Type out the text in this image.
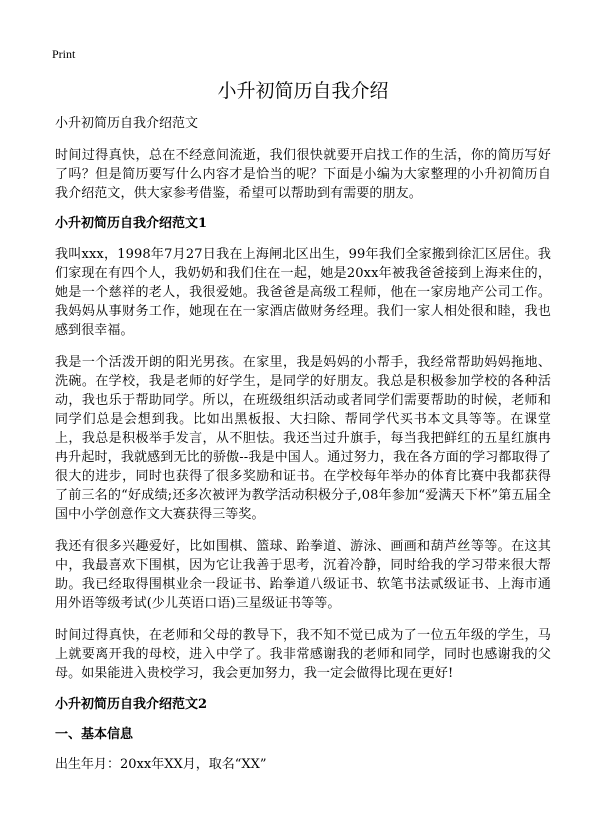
Print
小升初简历自我介绍
小升初简历自我介绍范文

时间过得真快，总在不经意间流逝，我们很快就要开启找工作的生活，你的简历写好了吗？但是简历要写什么内容才是恰当的呢？下面是小编为大家整理的小升初简历自我介绍范文，供大家参考借鉴，希望可以帮助到有需要的朋友。

小升初简历自我介绍范文1

我叫xxx，1998年7月27日我在上海闸北区出生，99年我们全家搬到徐汇区居住。我们家现在有四个人，我奶奶和我们住在一起，她是20xx年被我爸爸接到上海来住的，她是一个慈祥的老人，我很爱她。我爸爸是高级工程师，他在一家房地产公司工作。我妈妈从事财务工作，她现在在一家酒店做财务经理。我们一家人相处很和睦，我也感到很幸福。

我是一个活泼开朗的阳光男孩。在家里，我是妈妈的小帮手，我经常帮助妈妈拖地、洗碗。在学校，我是老师的好学生，是同学的好朋友。我总是积极参加学校的各种活动，我也乐于帮助同学。所以，在班级组织活动或者同学们需要帮助的时候，老师和同学们总是会想到我。比如出黑板报、大扫除、帮同学代买书本文具等等。在课堂上，我总是积极举手发言，从不胆怯。我还当过升旗手，每当我把鲜红的五星红旗冉冉升起时，我就感到无比的骄傲--我是中国人。通过努力，我在各方面的学习都取得了很大的进步，同时也获得了很多奖励和证书。在学校每年举办的体育比赛中我都获得了前三名的“好成绩;还多次被评为教学活动积极分子,08年参加“爱满天下杯”第五届全国中小学创意作文大赛获得三等奖。

我还有很多兴趣爱好，比如围棋、篮球、跆拳道、游泳、画画和葫芦丝等等。在这其中，我最喜欢下围棋，因为它让我善于思考，沉着冷静，同时给我的学习带来很大帮助。我已经取得围棋业余一段证书、跆拳道八级证书、软笔书法贰级证书、上海市通用外语等级考试(少儿英语口语)三星级证书等等。

时间过得真快，在老师和父母的教导下，我不知不觉已成为了一位五年级的学生，马上就要离开我的母校，进入中学了。我非常感谢我的老师和同学，同时也感谢我的父母。如果能进入贵校学习，我会更加努力，我一定会做得比现在更好!

小升初简历自我介绍范文2
一、基本信息
出生年月：20xx年XX月，取名“XX”
